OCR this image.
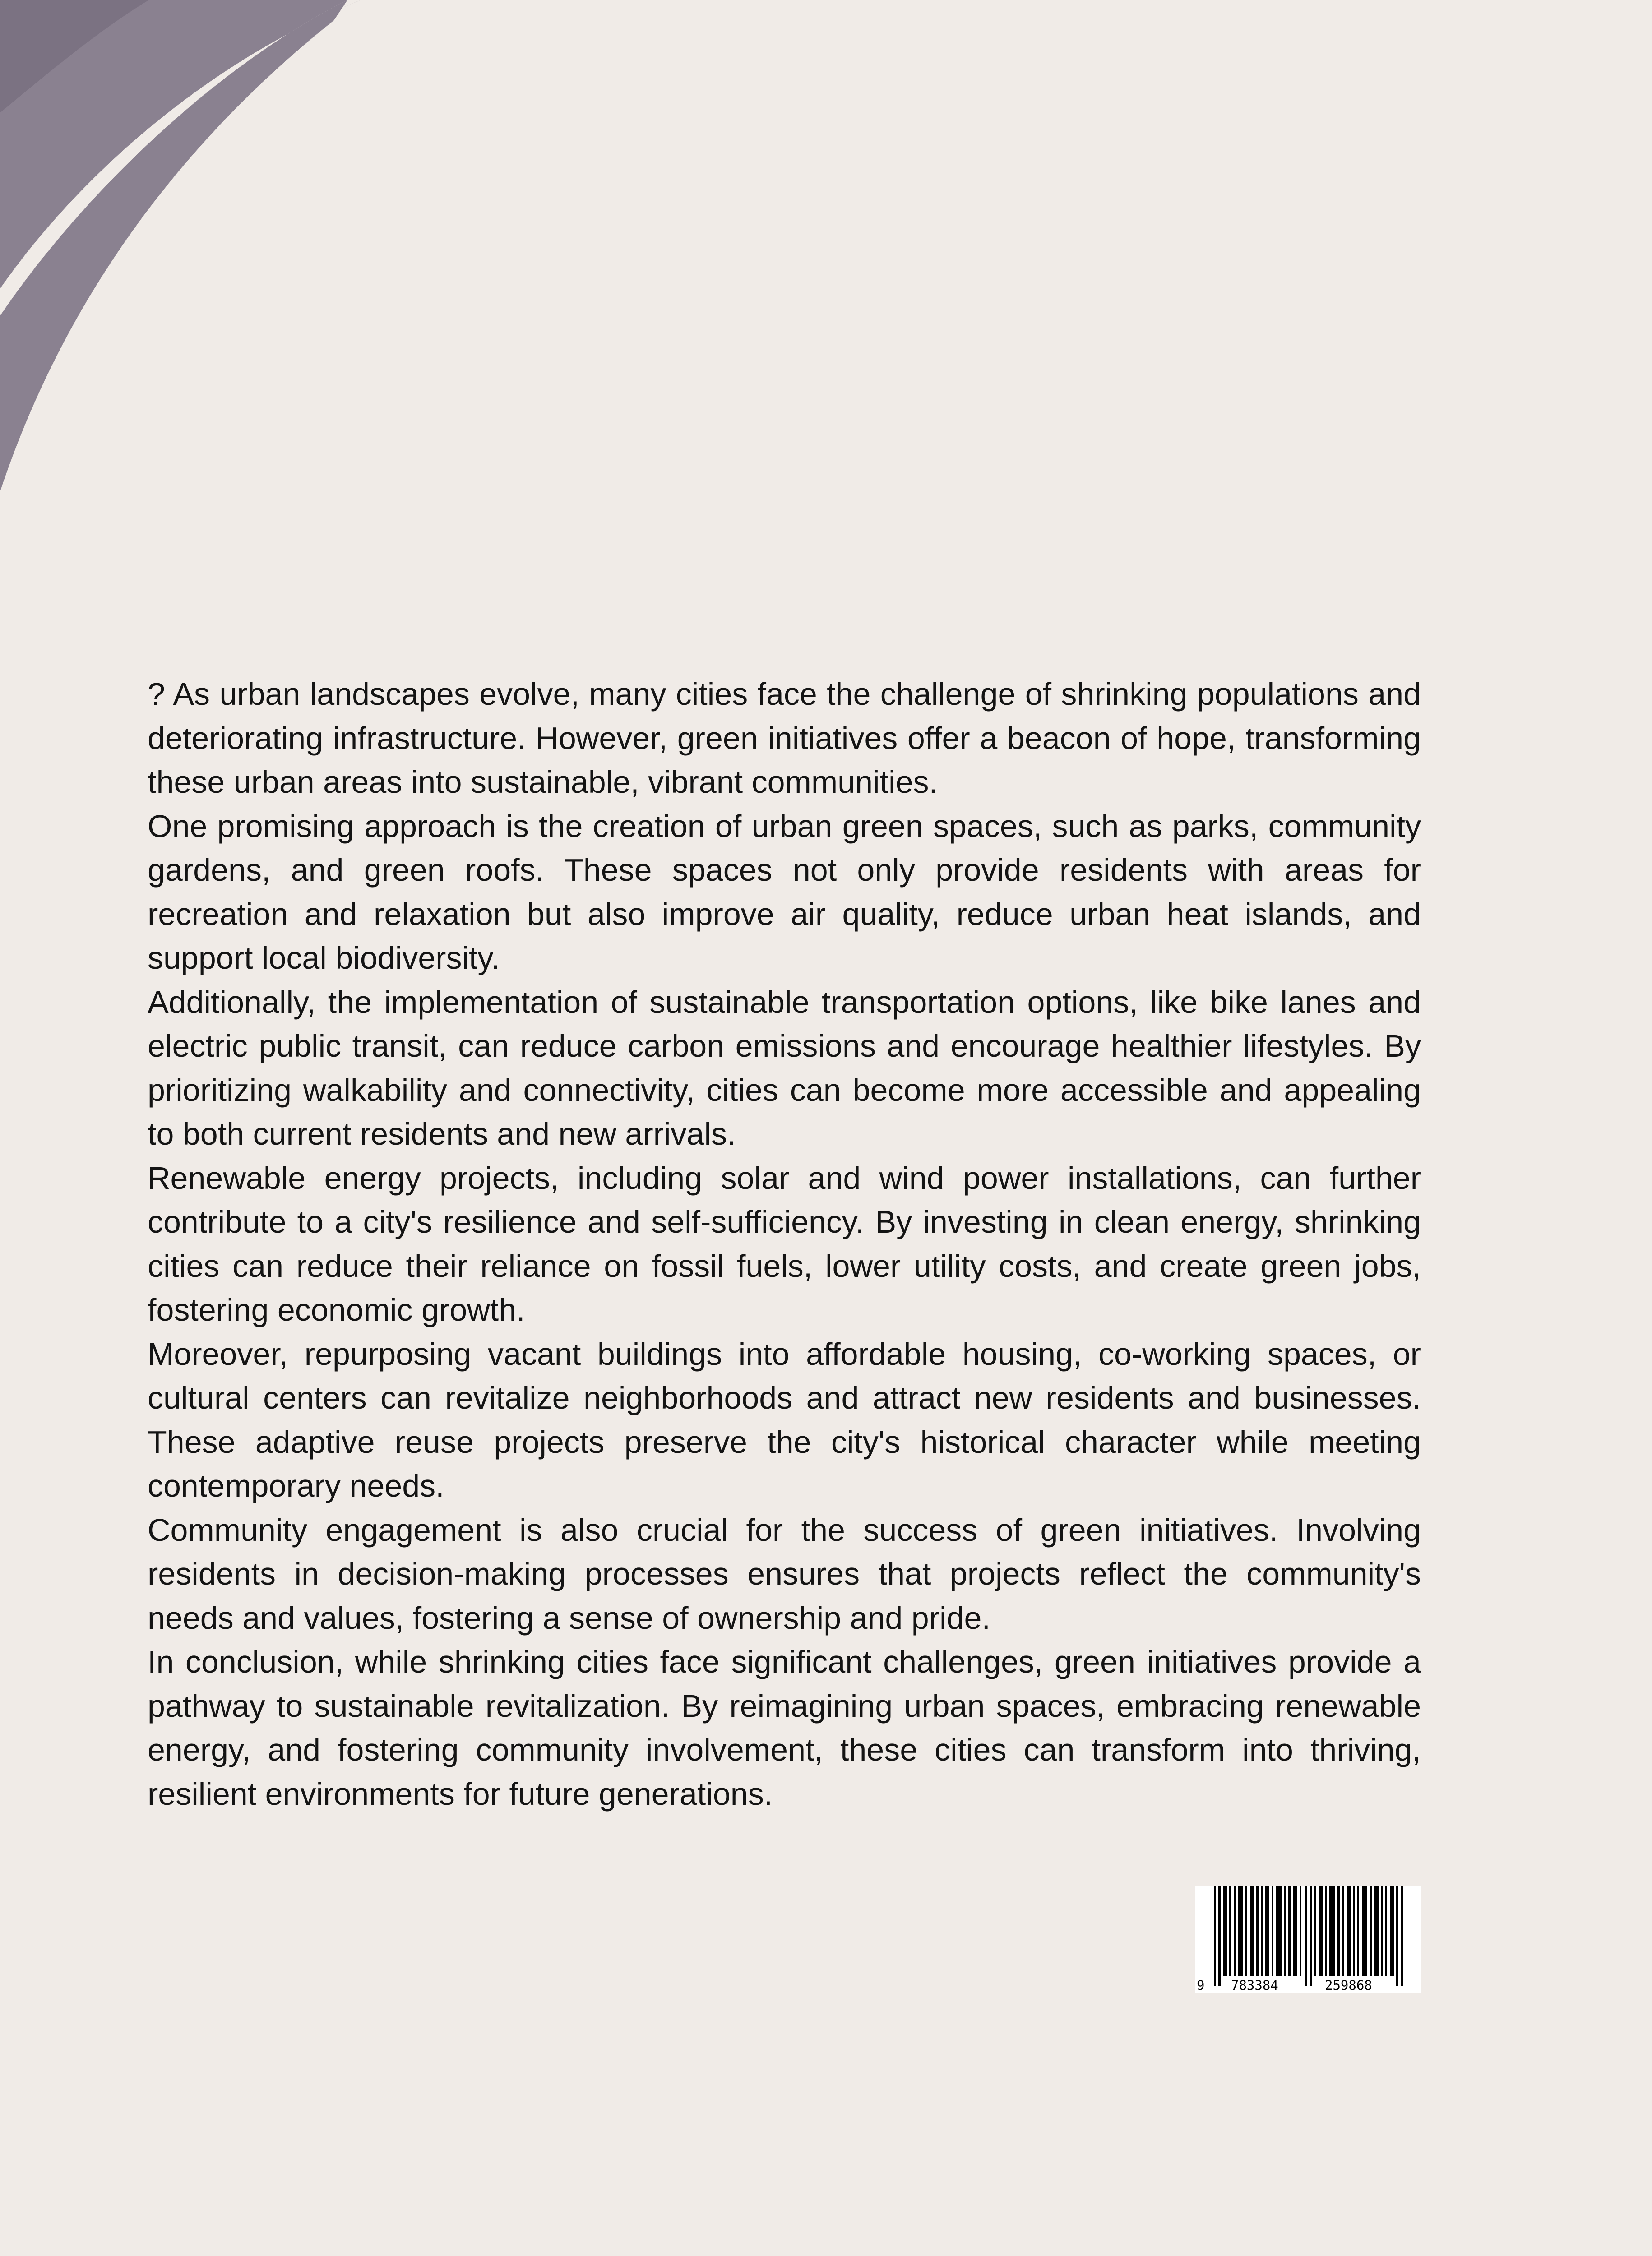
? As urban landscapes evolve, many cities face the challenge of shrinking populations and deteriorating infrastructure. However, green initiatives offer a beacon of hope, transforming these urban areas into sustainable, vibrant communities.

One promising approach is the creation of urban green spaces, such as parks, community gardens, and green roofs. These spaces not only provide residents with areas for recreation and relaxation but also improve air quality, reduce urban heat islands, and support local biodiversity.

Additionally, the implementation of sustainable transportation options, like bike lanes and electric public transit, can reduce carbon emissions and encourage healthier lifestyles. By prioritizing walkability and connectivity, cities can become more accessible and appealing to both current residents and new arrivals.

Renewable energy projects, including solar and wind power installations, can further contribute to a city's resilience and self-sufficiency. By investing in clean energy, shrinking cities can reduce their reliance on fossil fuels, lower utility costs, and create green jobs, fostering economic growth.

Moreover, repurposing vacant buildings into affordable housing, co-working spaces, or cultural centers can revitalize neighborhoods and attract new residents and businesses. These adaptive reuse projects preserve the city's historical character while meeting contemporary needs.

Community engagement is also crucial for the success of green initiatives. Involving residents in decision-making processes ensures that projects reflect the community's needs and values, fostering a sense of ownership and pride.

In conclusion, while shrinking cities face significant challenges, green initiatives provide a pathway to sustainable revitalization. By reimagining urban spaces, embracing renewable energy, and fostering community involvement, these cities can transform into thriving, resilient environments for future generations.

9 783384	259868
